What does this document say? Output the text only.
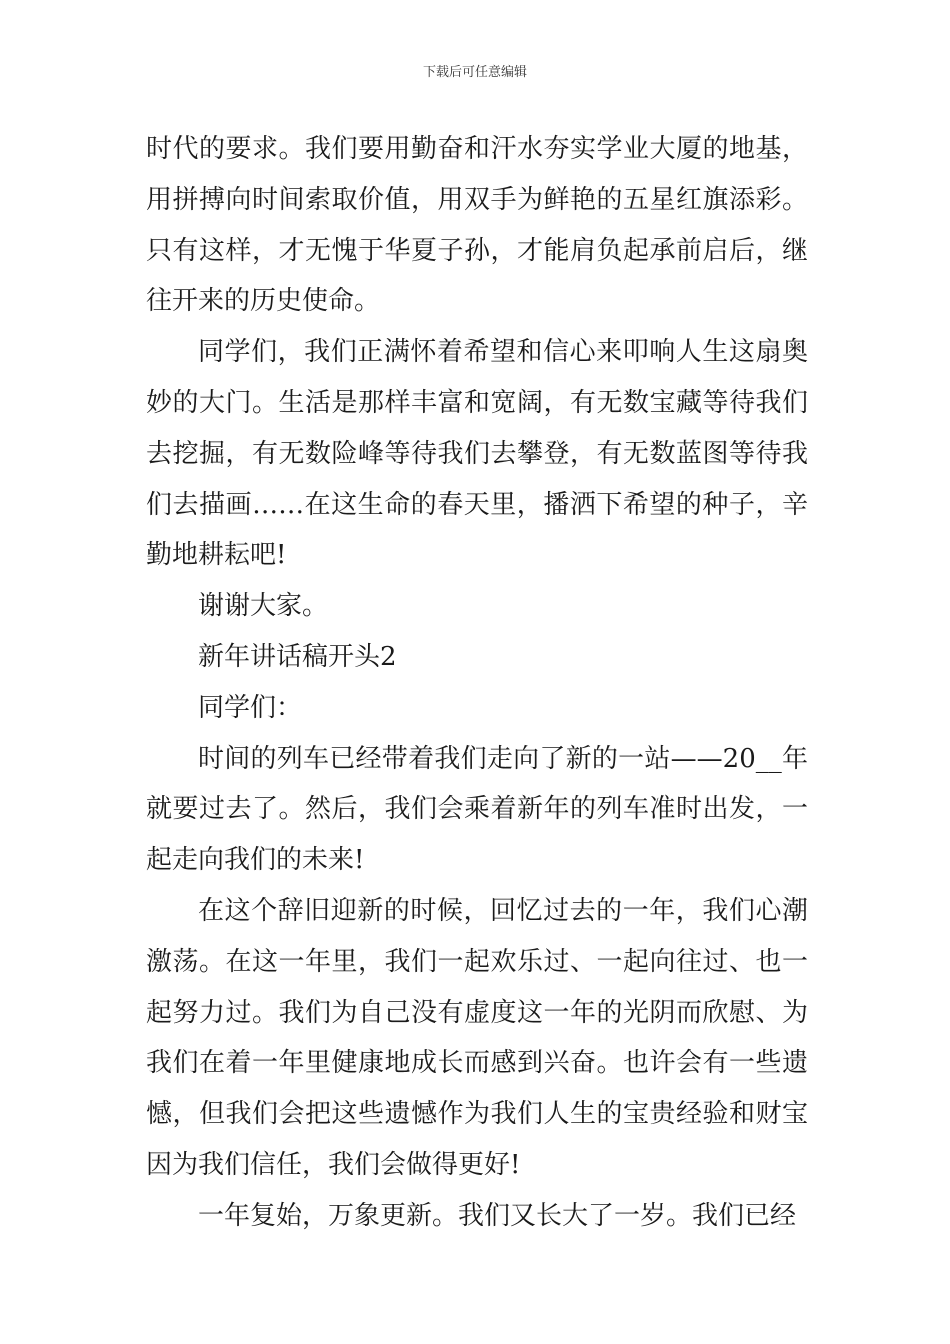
下载后可任意编辑

时代的要求。我们要用勤奋和汗水夯实学业大厦的地基，
用拼搏向时间索取价值，用双手为鲜艳的五星红旗添彩。
只有这样，才无愧于华夏子孙，才能肩负起承前启后，继
往开来的历史使命。

同学们，我们正满怀着希望和信心来叩响人生这扇奥
妙的大门。生活是那样丰富和宽阔，有无数宝藏等待我们
去挖掘，有无数险峰等待我们去攀登，有无数蓝图等待我
们去描画……在这生命的春天里，播洒下希望的种子，辛
勤地耕耘吧!

谢谢大家。

新年讲话稿开头2

同学们：

时间的列车已经带着我们走向了新的一站——20__年
就要过去了。然后，我们会乘着新年的列车准时出发，一
起走向我们的未来!

在这个辞旧迎新的时候，回忆过去的一年，我们心潮
激荡。在这一年里，我们一起欢乐过、一起向往过、也一
起努力过。我们为自己没有虚度这一年的光阴而欣慰、为
我们在着一年里健康地成长而感到兴奋。也许会有一些遗
憾，但我们会把这些遗憾作为我们人生的宝贵经验和财宝
因为我们信任，我们会做得更好!

一年复始，万象更新。我们又长大了一岁。我们已经
